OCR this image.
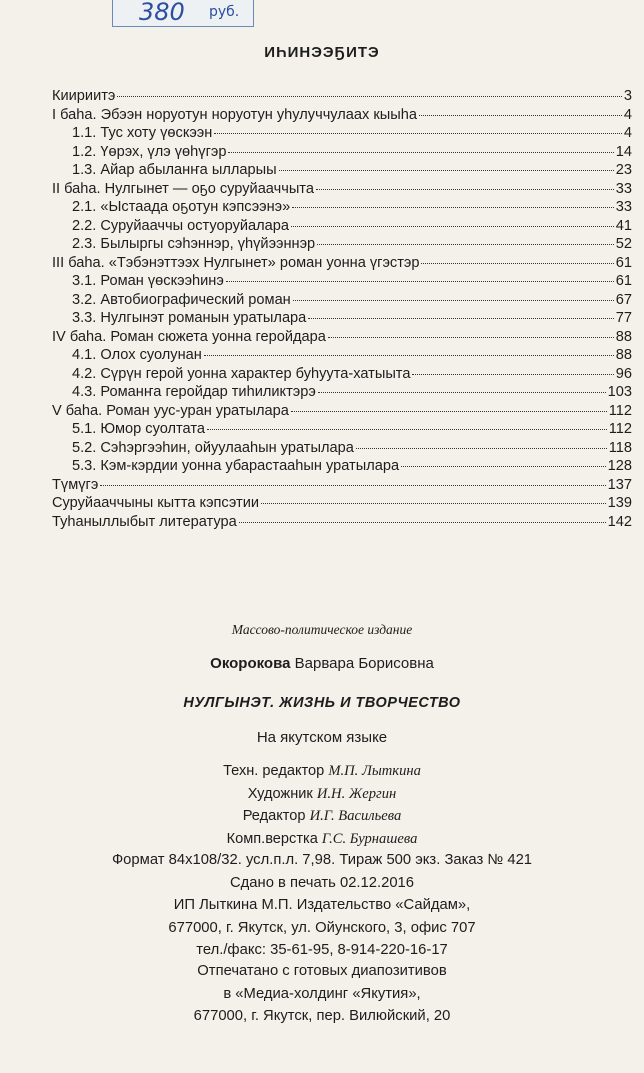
380 руб.
ИҺИНЭЭҔИТЭ
Киириитэ	3
I баһа. Эбээн норуотун норуотун уһулуччулаах кыыһа	4
1.1. Тус хоту үөскээн	4
1.2. Үөрэх, үлэ үөһүгэр	14
1.3. Айар абыланҥа ылларыы	23
II баһа. Нулгынет — оҕо суруйааччыта	33
2.1. «Ыстаада оҕотун кэпсээнэ»	33
2.2. Суруйааччы остуоруйалара	41
2.3. Былыргы сэһэннэр, үһүйээннэр	52
III баһа. «Тэбэнэттээх Нулгынет» роман уонна үгэстэр	61
3.1. Роман үөскээһинэ	61
3.2. Автобиографический роман	67
3.3. Нулгынэт романын уратылара	77
IV баһа. Роман сюжета уонна геройдара	88
4.1. Олох суолунан	88
4.2. Сүрүн герой уонна характер буһуута-хатыыта	96
4.3. Романҥа геройдар тиһиликтэрэ	103
V баһа. Роман уус-уран уратылара	112
5.1. Юмор суолтата	112
5.2. Сэһэргээһин, ойуулааһын уратылара	118
5.3. Кэм-кэрдии уонна убарастааһын уратылара	128
Түмүгэ	137
Суруйааччыны кытта кэпсэтии	139
Туһаныллыбыт литература	142
Массово-политическое издание
Окорокова Варвара Борисовна
НУЛГЫНЭТ. ЖИЗНЬ И ТВОРЧЕСТВО
На якутском языке
Техн. редактор М.П. Лыткина
Художник И.Н. Жергин
Редактор И.Г. Васильева
Комп.верстка Г.С. Бурнашева
Формат 84х108/32. усл.п.л. 7,98. Тираж 500 экз. Заказ № 421
Сдано в печать 02.12.2016
ИП Лыткина М.П. Издательство «Сайдам»,
677000, г. Якутск, ул. Ойунского, 3, офис 707
тел./факс: 35-61-95, 8-914-220-16-17
Отпечатано с готовых диапозитивов
в «Медиа-холдинг «Якутия»,
677000, г. Якутск, пер. Вилюйский, 20
